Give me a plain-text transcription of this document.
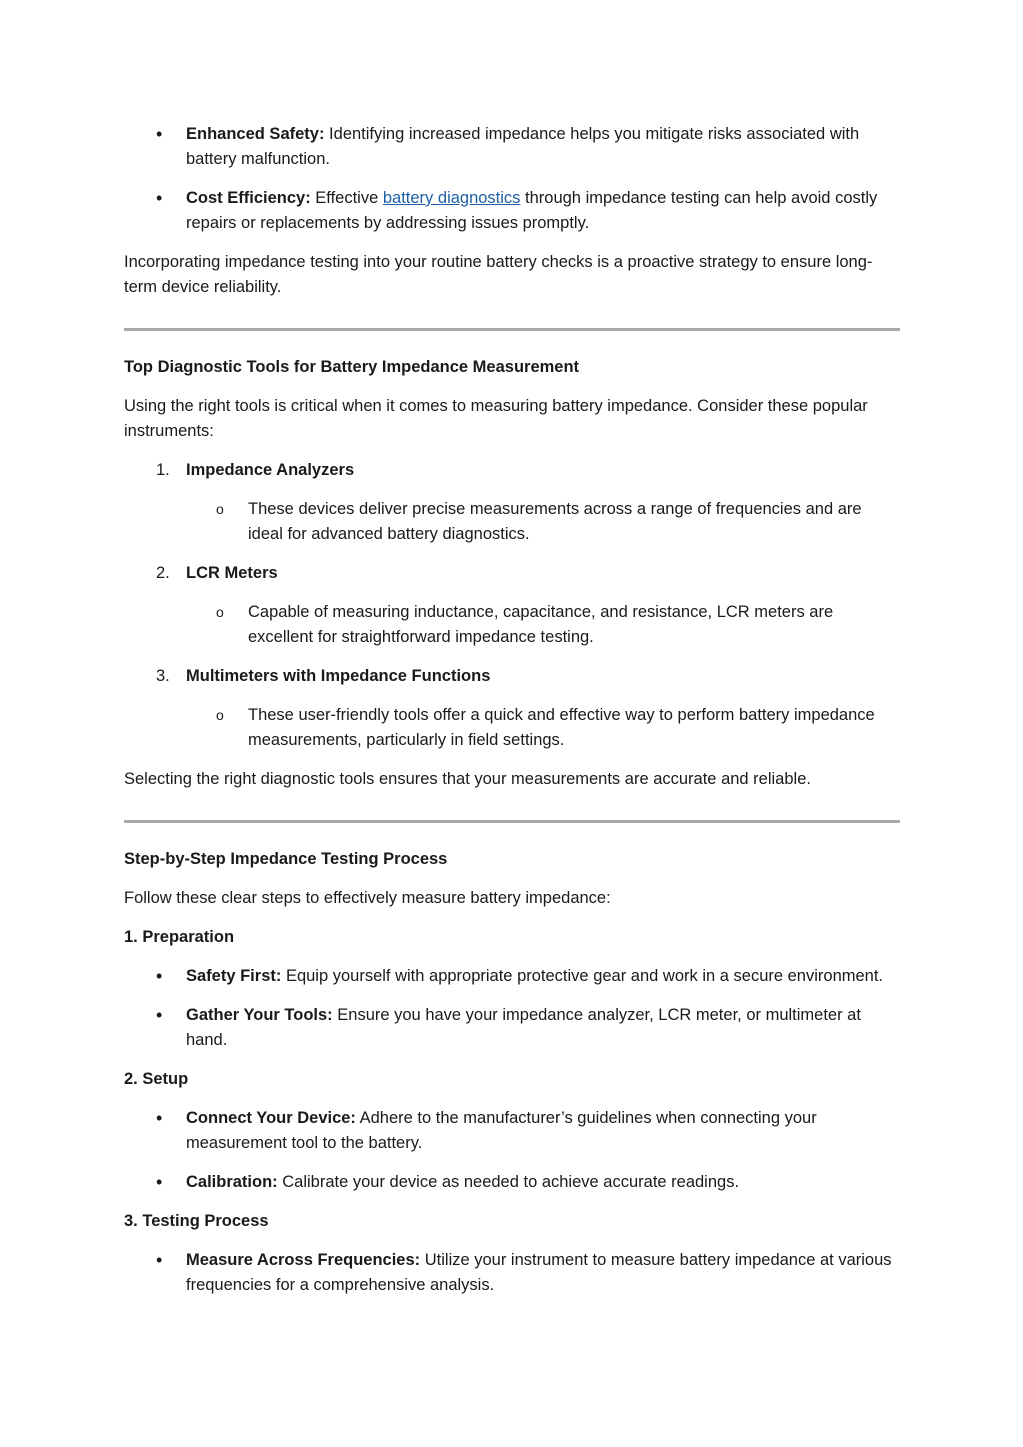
• Enhanced Safety: Identifying increased impedance helps you mitigate risks associated with battery malfunction.
• Cost Efficiency: Effective battery diagnostics through impedance testing can help avoid costly repairs or replacements by addressing issues promptly.

Incorporating impedance testing into your routine battery checks is a proactive strategy to ensure long-term device reliability.

Top Diagnostic Tools for Battery Impedance Measurement

Using the right tools is critical when it comes to measuring battery impedance. Consider these popular instruments:

1. Impedance Analyzers
o These devices deliver precise measurements across a range of frequencies and are ideal for advanced battery diagnostics.
2. LCR Meters
o Capable of measuring inductance, capacitance, and resistance, LCR meters are excellent for straightforward impedance testing.
3. Multimeters with Impedance Functions
o These user-friendly tools offer a quick and effective way to perform battery impedance measurements, particularly in field settings.

Selecting the right diagnostic tools ensures that your measurements are accurate and reliable.

Step-by-Step Impedance Testing Process

Follow these clear steps to effectively measure battery impedance:

1. Preparation

• Safety First: Equip yourself with appropriate protective gear and work in a secure environment.
• Gather Your Tools: Ensure you have your impedance analyzer, LCR meter, or multimeter at hand.

2. Setup

• Connect Your Device: Adhere to the manufacturer’s guidelines when connecting your measurement tool to the battery.
• Calibration: Calibrate your device as needed to achieve accurate readings.

3. Testing Process

• Measure Across Frequencies: Utilize your instrument to measure battery impedance at various frequencies for a comprehensive analysis.
